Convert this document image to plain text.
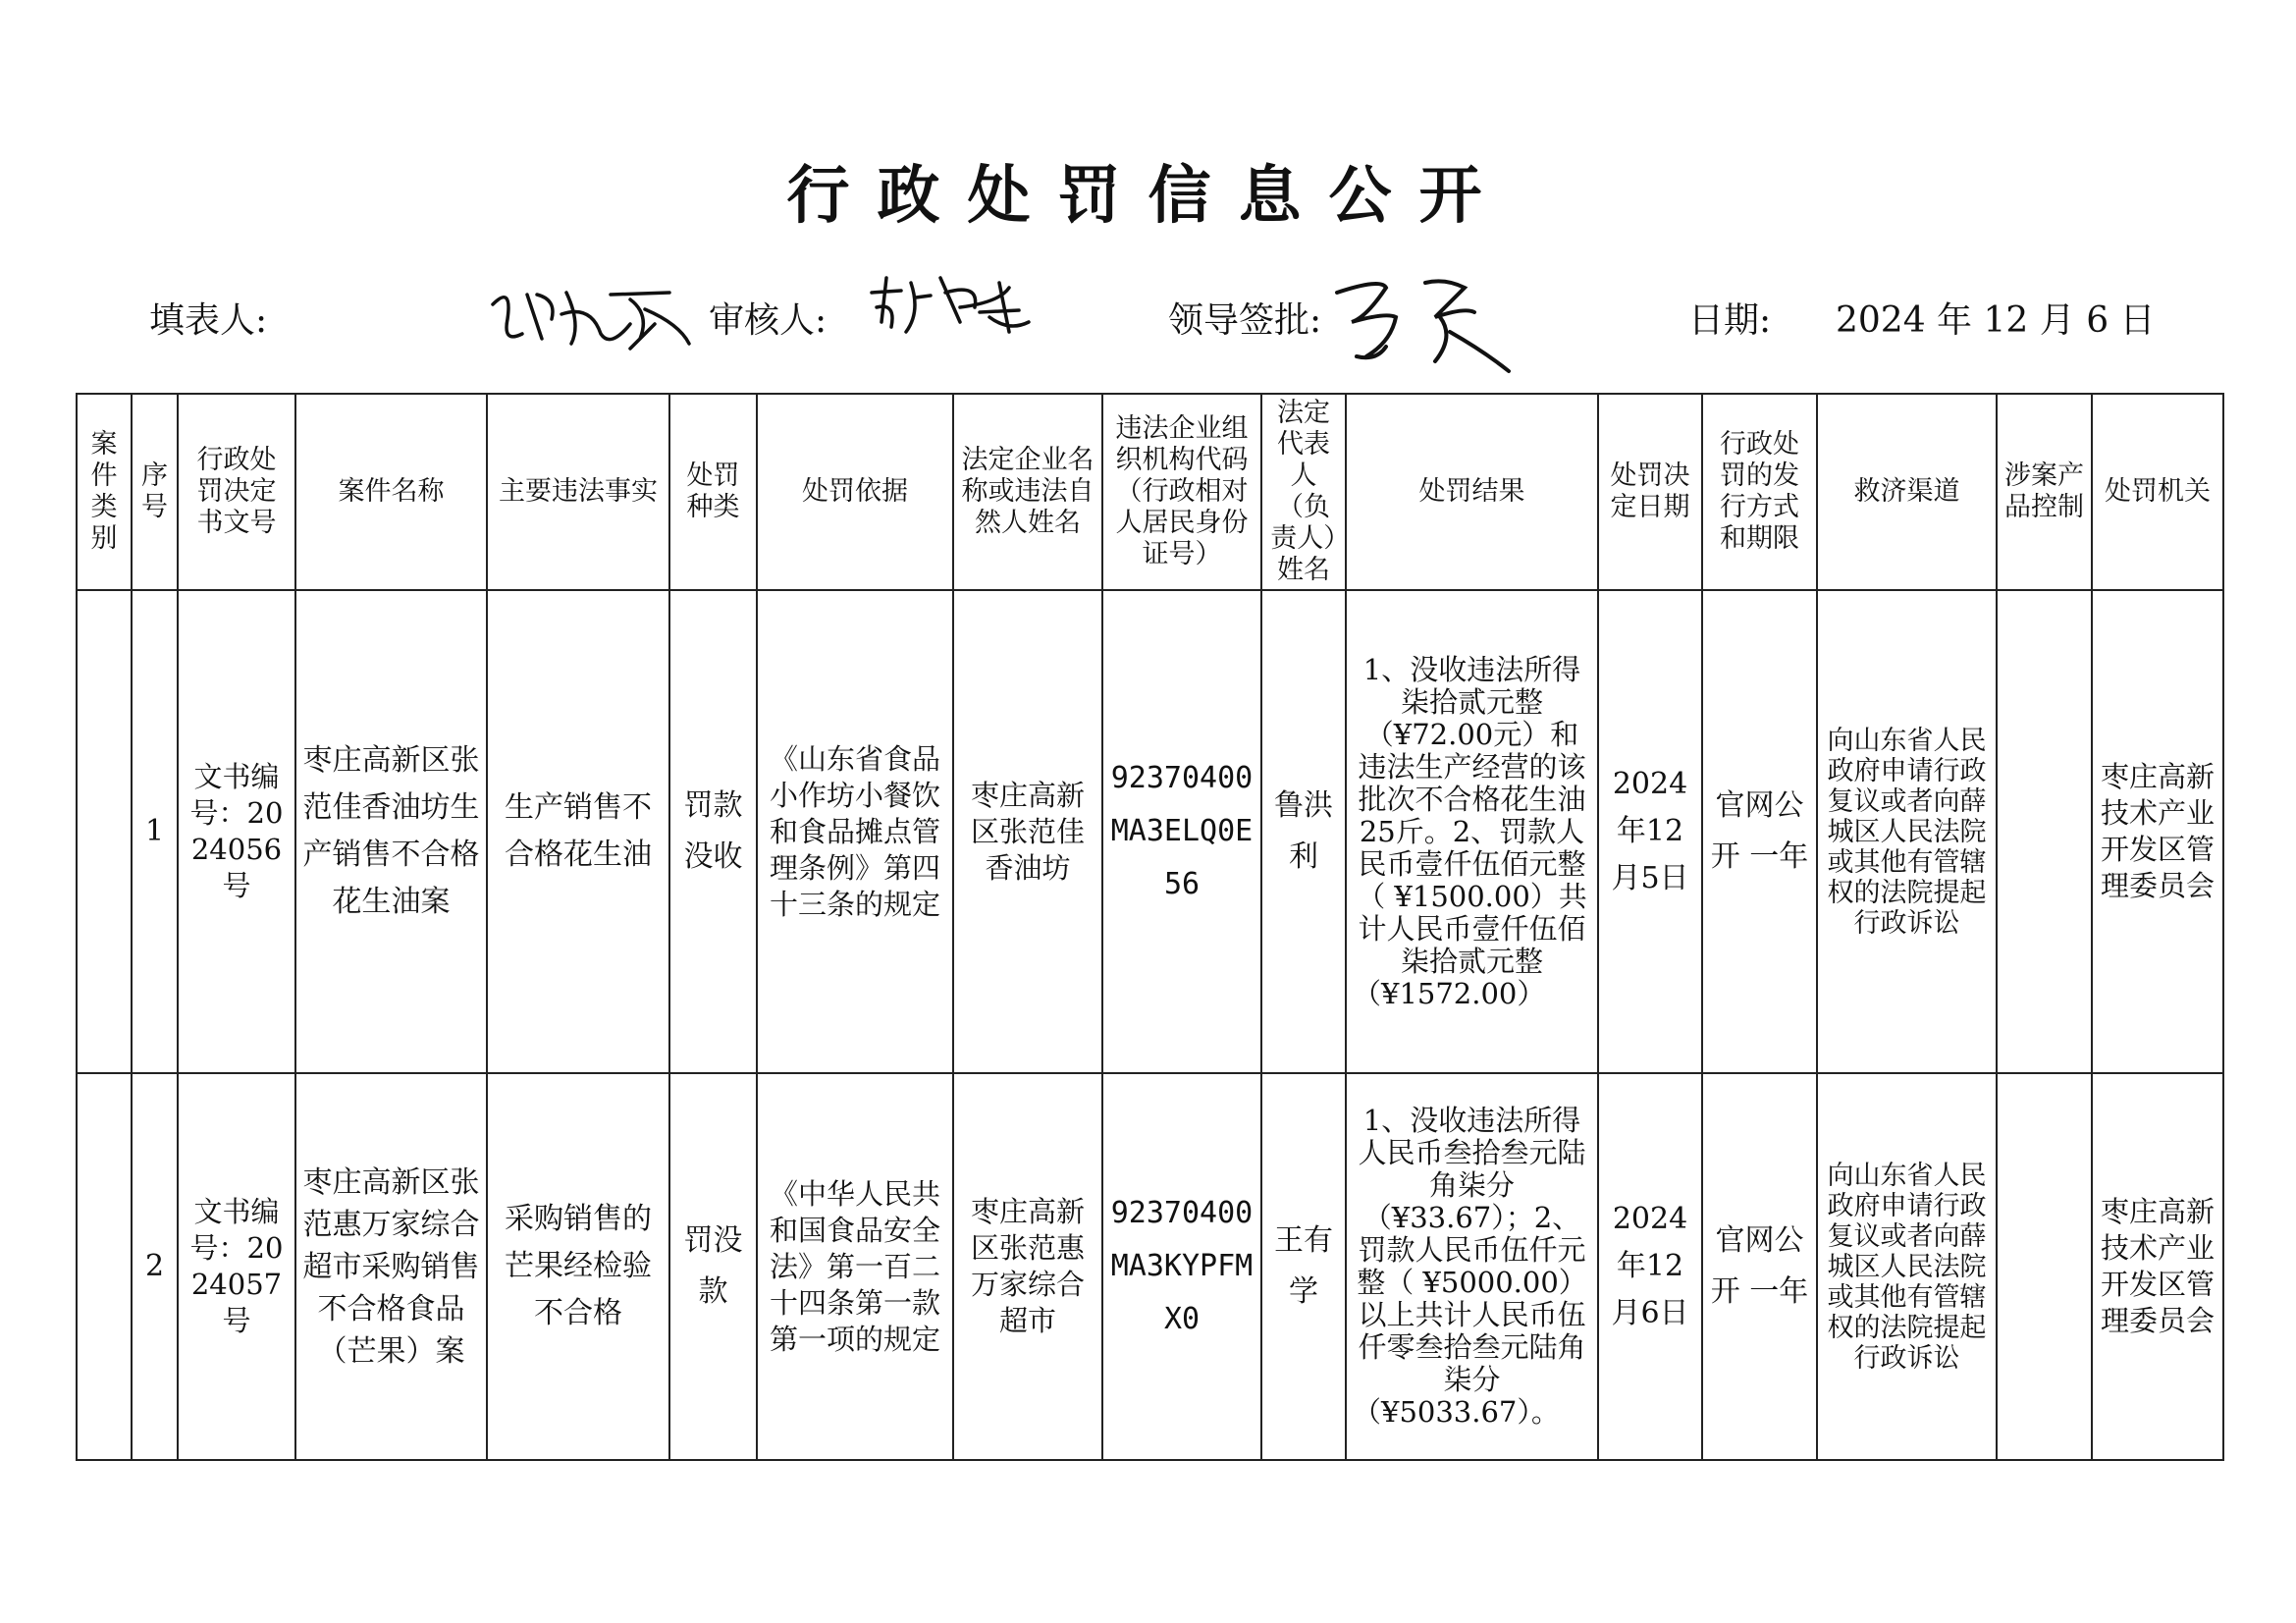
行政处罚信息公开
填表人:	审核人:	领导签批:	日期: 2024 年 12 月 6 日
案件类别	序号	行政处罚决定书文号	案件名称	主要违法事实	处罚种类	处罚依据	法定企业名称或违法自然人姓名	违法企业组织机构代码（行政相对人居民身份证号）	法定代表人（负责人）姓名	处罚结果	处罚决定日期	行政处罚的发行方式和期限	救济渠道	涉案产品控制	处罚机关
	1	文书编号：2024056号	枣庄高新区张范佳香油坊生产销售不合格花生油案	生产销售不合格花生油	罚款没收	《山东省食品小作坊小餐饮和食品摊点管理条例》第四十三条的规定	枣庄高新区张范佳香油坊	92370400MA3ELQ0E56	鲁洪利	1、没收违法所得柒拾贰元整（¥72.00元）和违法生产经营的该批次不合格花生油25斤。2、罚款人民币壹仟伍佰元整（ ¥1500.00）共计人民币壹仟伍佰柒拾贰元整（¥1572.00）	2024年12月5日	官网公开 一年	向山东省人民政府申请行政复议或者向薛城区人民法院或其他有管辖权的法院提起行政诉讼		枣庄高新技术产业开发区管理委员会
	2	文书编号：2024057号	枣庄高新区张范惠万家综合超市采购销售不合格食品（芒果）案	采购销售的芒果经检验不合格	罚没款	《中华人民共和国食品安全法》第一百二十四条第一款第一项的规定	枣庄高新区张范惠万家综合超市	92370400MA3KYPFMX0	王有学	1、没收违法所得人民币叁拾叁元陆角柒分（¥33.67）；2、罚款人民币伍仟元整（ ¥5000.00）以上共计人民币伍仟零叁拾叁元陆角柒分（¥5033.67）。	2024年12月6日	官网公开 一年	向山东省人民政府申请行政复议或者向薛城区人民法院或其他有管辖权的法院提起行政诉讼		枣庄高新技术产业开发区管理委员会
